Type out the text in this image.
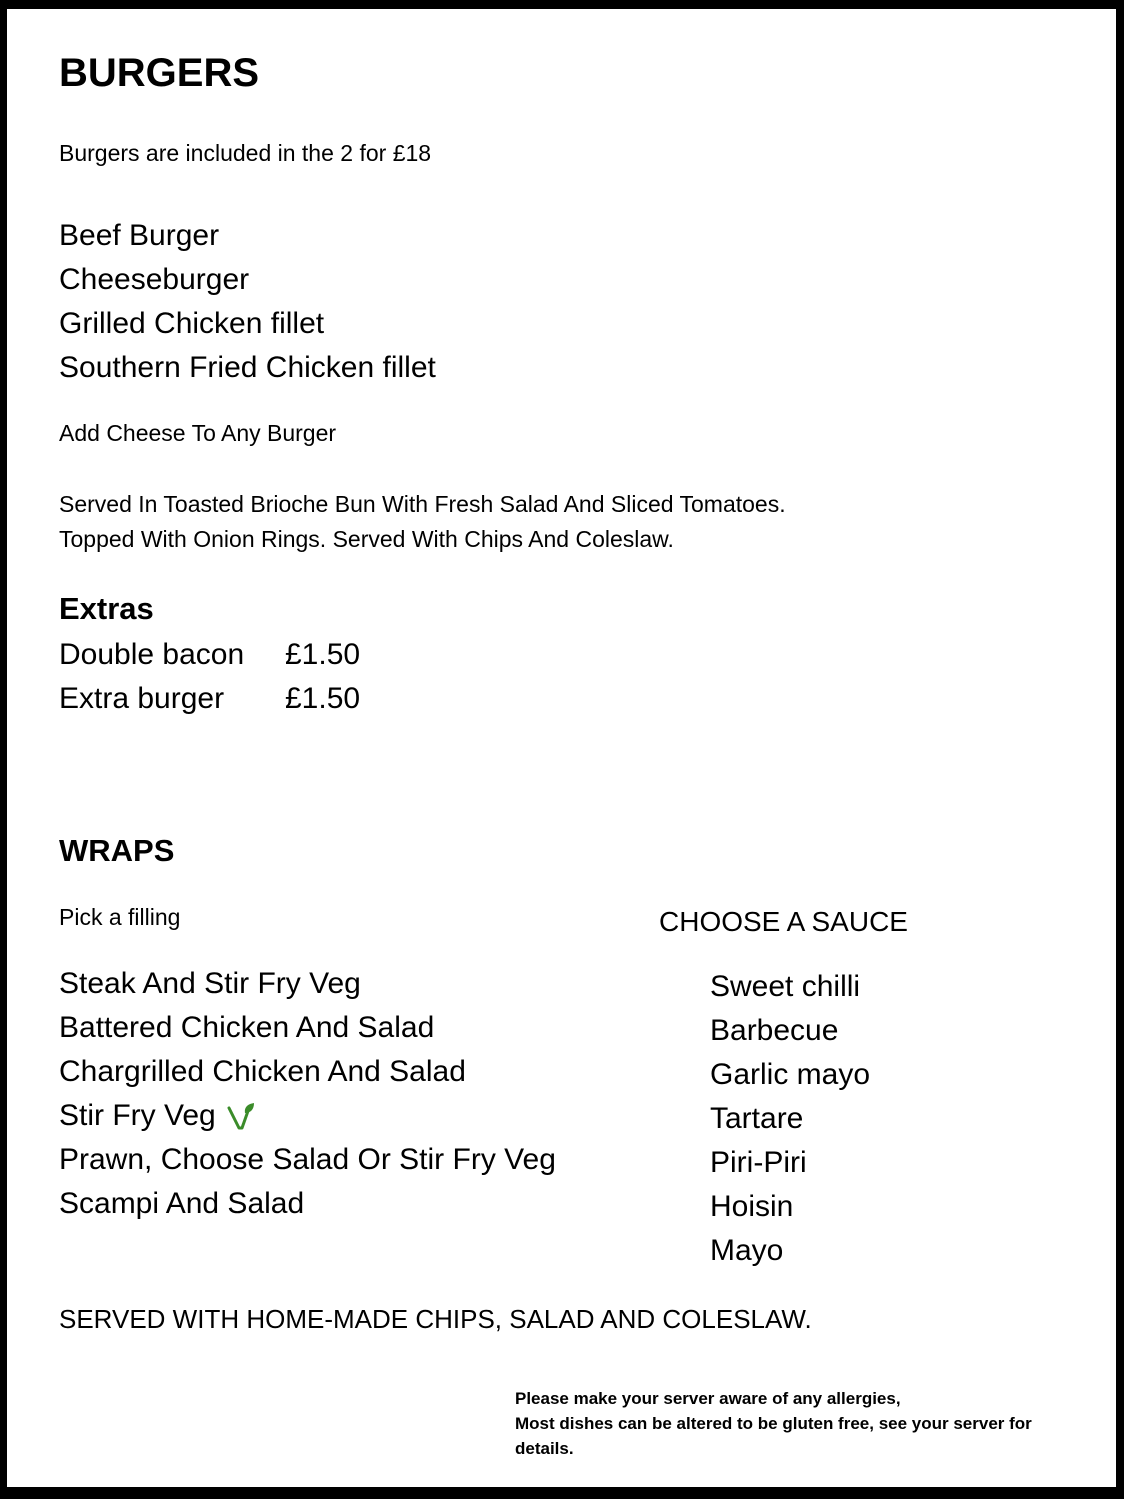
BURGERS
Burgers are included in the 2 for £18
Beef Burger
Cheeseburger
Grilled Chicken fillet
Southern Fried Chicken fillet
Add Cheese To Any Burger
Served In Toasted Brioche Bun With Fresh Salad And Sliced Tomatoes.
Topped With Onion Rings. Served With Chips And Coleslaw.
Extras
Double bacon	£1.50
Extra burger	£1.50
WRAPS
Pick a filling
Steak And Stir Fry Veg
Battered Chicken And Salad
Chargrilled Chicken And Salad
Stir Fry Veg
Prawn, Choose Salad Or Stir Fry Veg
Scampi And Salad
CHOOSE A SAUCE
Sweet chilli
Barbecue
Garlic mayo
Tartare
Piri-Piri
Hoisin
Mayo
SERVED WITH HOME-MADE CHIPS, SALAD AND COLESLAW.
Please make your server aware of any allergies,
Most dishes can be altered to be gluten free, see your server for
details.
